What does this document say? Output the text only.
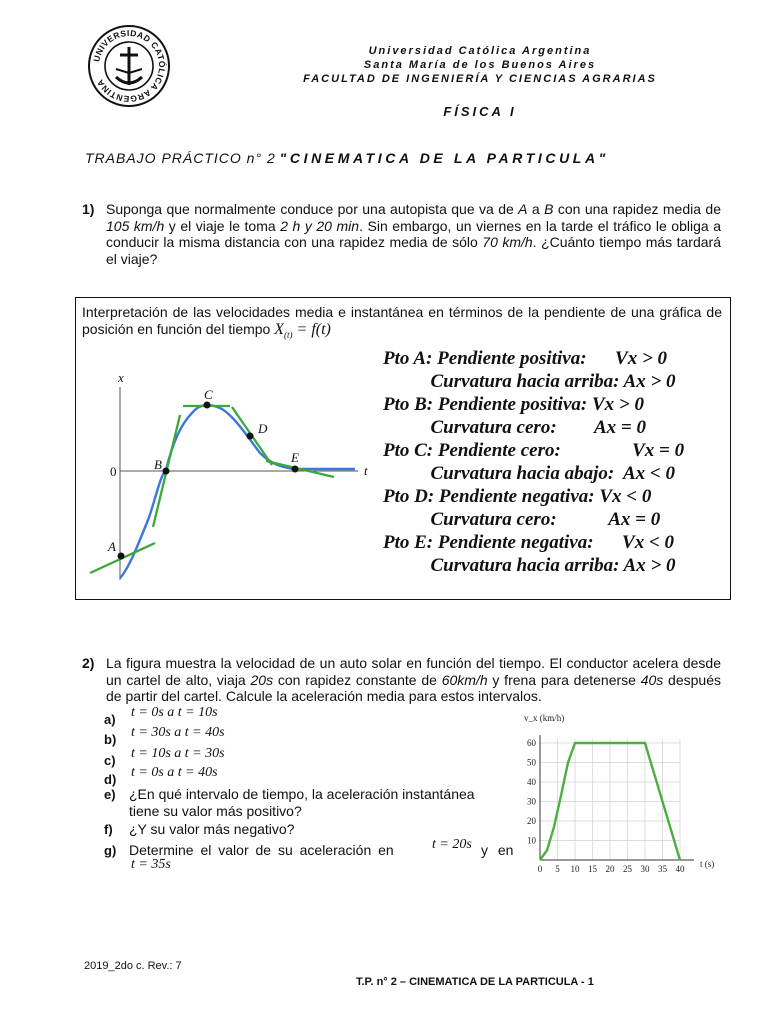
UNIVERSIDAD CATÓLICA ARGENTINA
Universidad Católica Argentina
Santa María de los Buenos Aires
FACULTAD DE INGENIERÍA Y CIENCIAS AGRARIAS
FÍSICA I
TRABAJO PRÁCTICO n° 2 "CINEMATICA DE LA PARTICULA"
1) Suponga que normalmente conduce por una autopista que va de A a B con una rapidez media de 105 km/h y el viaje le toma 2 h y 20 min. Sin embargo, un viernes en la tarde el tráfico le obliga a conducir la misma distancia con una rapidez media de sólo 70 km/h. ¿Cuánto tiempo más tardará el viaje?
Interpretación de las velocidades media e instantánea en términos de la pendiente de una gráfica de posición en función del tiempo $X_{(t)} = f(t)$
x
t
0
A
B
C
D
E
Pto A: Pendiente positiva:      Vx > 0
Curvatura hacia arriba: Ax > 0
Pto B: Pendiente positiva: Vx > 0
Curvatura cero:        Ax = 0
Pto C: Pendiente cero:               Vx = 0
Curvatura hacia abajo:  Ax < 0
Pto D: Pendiente negativa: Vx < 0
Curvatura cero:           Ax = 0
Pto E: Pendiente negativa:      Vx < 0
Curvatura hacia arriba: Ax > 0
2) La figura muestra la velocidad de un auto solar en función del tiempo. El conductor acelera desde un cartel de alto, viaja 20s con rapidez constante de 60km/h y frena para detenerse 40s después de partir del cartel. Calcule la aceleración media para estos intervalos.
a) t = 0s a t = 10s
b) t = 30s a t = 40s
c) t = 10s a t = 30s
d) t = 0s a t = 40s
e) ¿En qué intervalo de tiempo, la aceleración instantánea
tiene su valor más positivo?
f) ¿Y su valor más negativo?
g) Determine el valor de su aceleración en	t = 20s y en
t = 35s
v_x (km/h)
t (s)
10
20
30
40
50
60
0 5 10 15 20 25 30 35 40
2019_2do c. Rev.: 7
T.P. n° 2 – CINEMATICA DE LA PARTICULA - 1
